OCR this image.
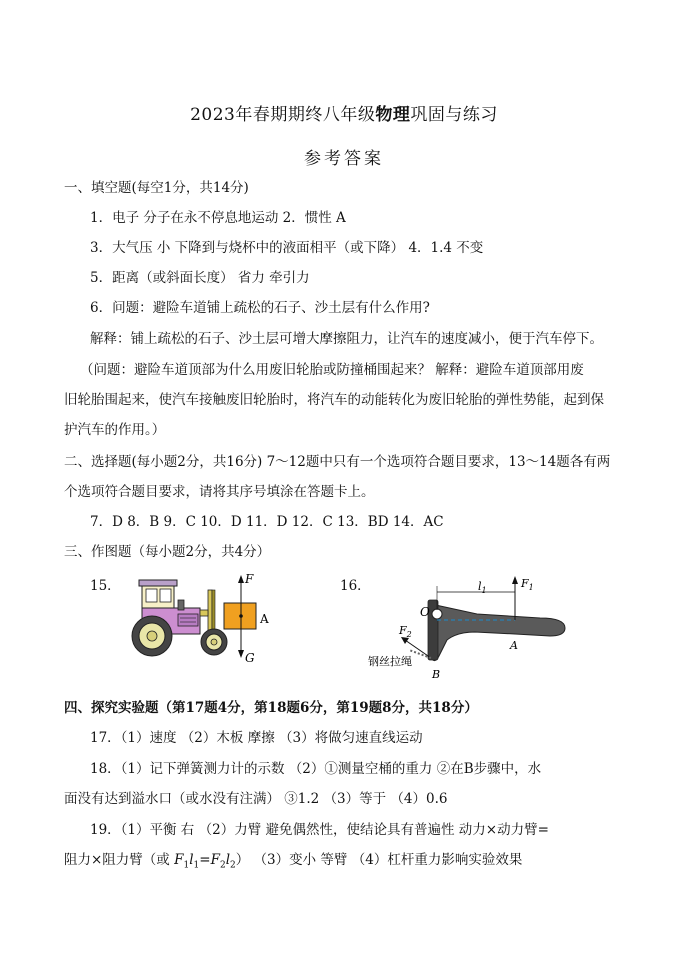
2023年春期期终八年级物理巩固与练习
参考答案
一、填空题(每空1分，共14分)
1．电子 分子在永不停息地运动 2．惯性 A
3．大气压 小 下降到与烧杯中的液面相平（或下降） 4．1.4 不变
5．距离（或斜面长度） 省力 牵引力
6．问题：避险车道铺上疏松的石子、沙土层有什么作用?
解释：铺上疏松的石子、沙土层可增大摩擦阻力，让汽车的速度减小，便于汽车停下。
（问题：避险车道顶部为什么用废旧轮胎或防撞桶围起来？ 解释：避险车道顶部用废
旧轮胎围起来，使汽车接触废旧轮胎时，将汽车的动能转化为废旧轮胎的弹性势能，起到保
护汽车的作用。）
二、选择题(每小题2分，共16分) 7～12题中只有一个选项符合题目要求，13～14题各有两
个选项符合题目要求，请将其序号填涂在答题卡上。
7．D 8．B 9．C 10．D 11．D 12．C 13．BD 14．AC
三、作图题（每小题2分，共4分）
15．	F
A
G
16．
O
$l_1$
$F_1$
A
$F_2$
钢丝拉绳
B
四、探究实验题（第17题4分，第18题6分，第19题8分，共18分）
17．（1）速度 （2）木板 摩擦 （3）将做匀速直线运动
18．（1）记下弹簧测力计的示数 （2）①测量空桶的重力 ②在B步骤中，水
面没有达到溢水口（或水没有注满） ③1.2 （3）等于 （4）0.6
19．（1）平衡 右 （2）力臂 避免偶然性，使结论具有普遍性 动力×动力臂=
阻力×阻力臂（或 $F_1l_1=F_2l_2$） （3）变小 等臂 （4）杠杆重力影响实验效果
